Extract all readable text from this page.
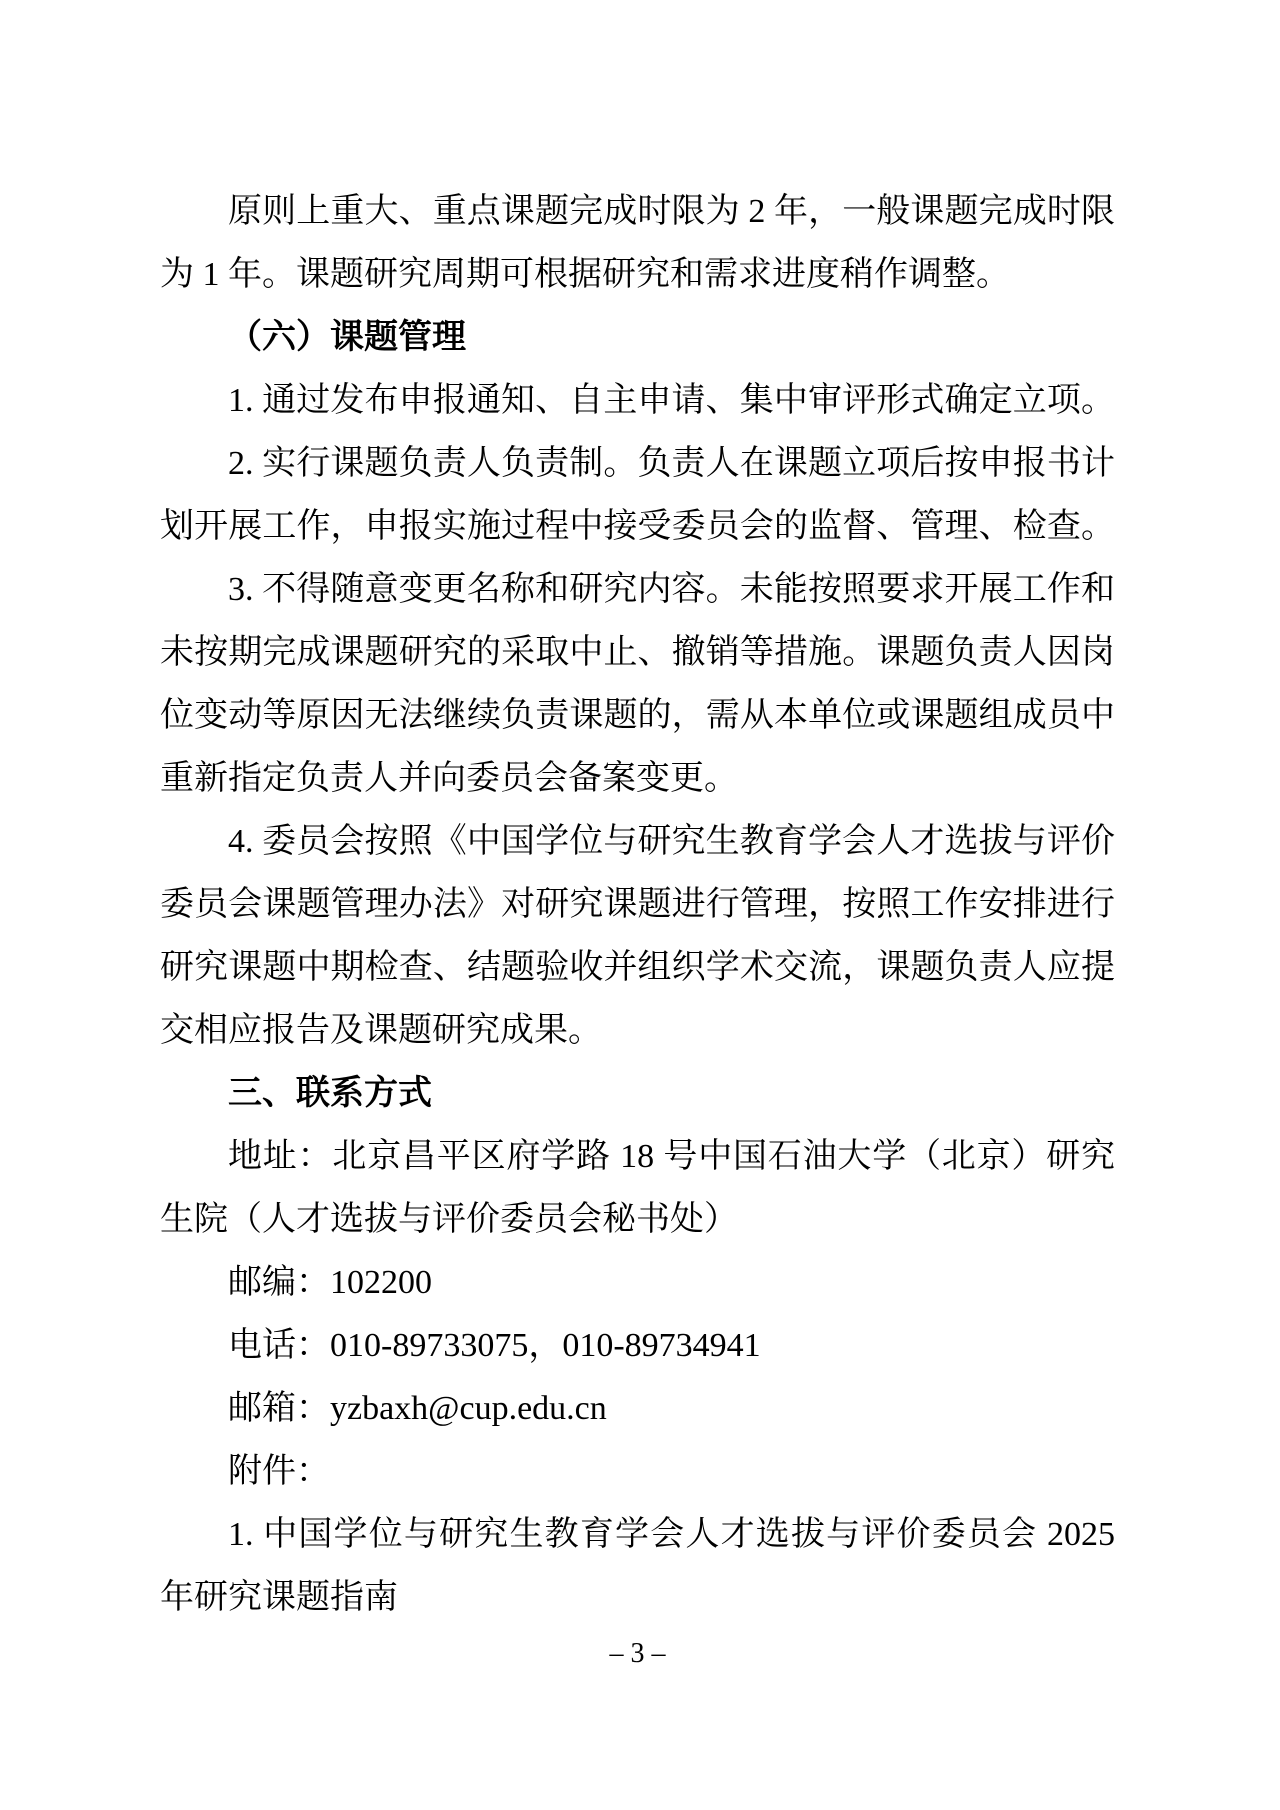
原则上重大、重点课题完成时限为 2 年，一般课题完成时限
为 1 年。课题研究周期可根据研究和需求进度稍作调整。
（六）课题管理
1. 通过发布申报通知、自主申请、集中审评形式确定立项。
2. 实行课题负责人负责制。负责人在课题立项后按申报书计
划开展工作，申报实施过程中接受委员会的监督、管理、检查。
3. 不得随意变更名称和研究内容。未能按照要求开展工作和
未按期完成课题研究的采取中止、撤销等措施。课题负责人因岗
位变动等原因无法继续负责课题的，需从本单位或课题组成员中
重新指定负责人并向委员会备案变更。
4. 委员会按照《中国学位与研究生教育学会人才选拔与评价
委员会课题管理办法》对研究课题进行管理，按照工作安排进行
研究课题中期检查、结题验收并组织学术交流，课题负责人应提
交相应报告及课题研究成果。
三、联系方式
地址：北京昌平区府学路 18 号中国石油大学（北京）研究
生院（人才选拔与评价委员会秘书处）
邮编：102200
电话：010-89733075，010-89734941
邮箱：yzbaxh@cup.edu.cn
附件：
1. 中国学位与研究生教育学会人才选拔与评价委员会 2025
年研究课题指南
– 3 –
